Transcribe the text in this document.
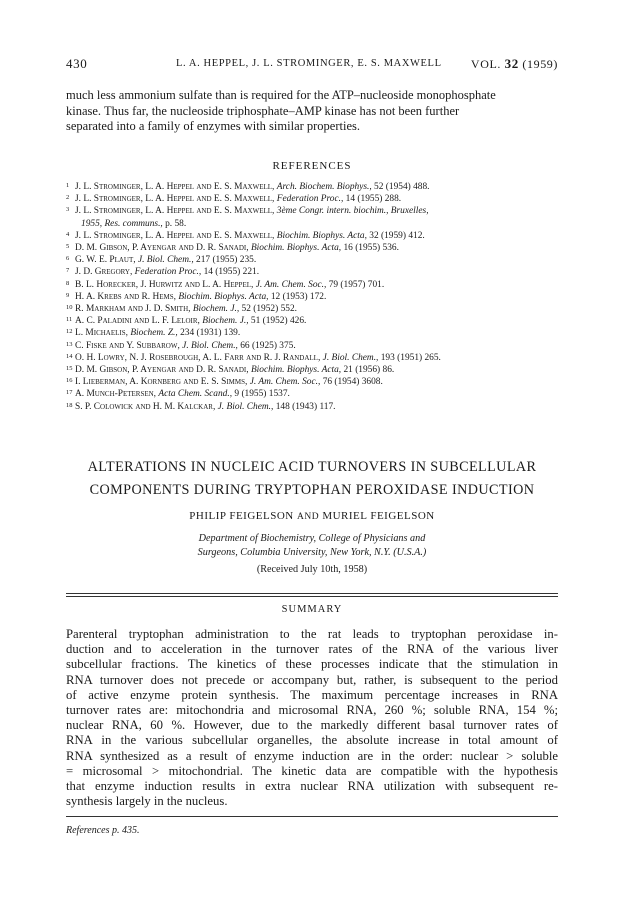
430	L. A. HEPPEL, J. L. STROMINGER, E. S. MAXWELL VOL. 32 (1959)

much less ammonium sulfate than is required for the ATP–nucleoside monophosphate
kinase. Thus far, the nucleoside triphosphate–AMP kinase has not been further
separated into a family of enzymes with similar properties.

REFERENCES
1 J. L. Strominger, L. A. Heppel and E. S. Maxwell, Arch. Biochem. Biophys., 52 (1954) 488.
2 J. L. Strominger, L. A. Heppel and E. S. Maxwell, Federation Proc., 14 (1955) 288.
3 J. L. Strominger, L. A. Heppel and E. S. Maxwell, 3ème Congr. intern. biochim., Bruxelles,
1955, Res. communs., p. 58.
4 J. L. Strominger, L. A. Heppel and E. S. Maxwell, Biochim. Biophys. Acta, 32 (1959) 412.
5 D. M. Gibson, P. Ayengar and D. R. Sanadi, Biochim. Biophys. Acta, 16 (1955) 536.
6 G. W. E. Plaut, J. Biol. Chem., 217 (1955) 235.
7 J. D. Gregory, Federation Proc., 14 (1955) 221.
8 B. L. Horecker, J. Hurwitz and L. A. Heppel, J. Am. Chem. Soc., 79 (1957) 701.
9 H. A. Krebs and R. Hems, Biochim. Biophys. Acta, 12 (1953) 172.
10 R. Markham and J. D. Smith, Biochem. J., 52 (1952) 552.
11 A. C. Paladini and L. F. Leloir, Biochem. J., 51 (1952) 426.
12 L. Michaelis, Biochem. Z., 234 (1931) 139.
13 C. Fiske and Y. Subbarow, J. Biol. Chem., 66 (1925) 375.
14 O. H. Lowry, N. J. Rosebrough, A. L. Farr and R. J. Randall, J. Biol. Chem., 193 (1951) 265.
15 D. M. Gibson, P. Ayengar and D. R. Sanadi, Biochim. Biophys. Acta, 21 (1956) 86.
16 I. Lieberman, A. Kornberg and E. S. Simms, J. Am. Chem. Soc., 76 (1954) 3608.
17 A. Munch-Petersen, Acta Chem. Scand., 9 (1955) 1537.
18 S. P. Colowick and H. M. Kalckar, J. Biol. Chem., 148 (1943) 117.
ALTERATIONS IN NUCLEIC ACID TURNOVERS IN SUBCELLULAR
COMPONENTS DURING TRYPTOPHAN PEROXIDASE INDUCTION
PHILIP FEIGELSON AND MURIEL FEIGELSON
Department of Biochemistry, College of Physicians and
Surgeons, Columbia University, New York, N.Y. (U.S.A.)
(Received July 10th, 1958)
SUMMARY

Parenteral tryptophan administration to the rat leads to tryptophan peroxidase in-
duction and to acceleration in the turnover rates of the RNA of the various liver
subcellular fractions. The kinetics of these processes indicate that the stimulation in
RNA turnover does not precede or accompany but, rather, is subsequent to the period
of active enzyme protein synthesis. The maximum percentage increases in RNA
turnover rates are: mitochondria and microsomal RNA, 260 %; soluble RNA, 154 %;
nuclear RNA, 60 %. However, due to the markedly different basal turnover rates of
RNA in the various subcellular organelles, the absolute increase in total amount of
RNA synthesized as a result of enzyme induction are in the order: nuclear > soluble
= microsomal > mitochondrial. The kinetic data are compatible with the hypothesis
that enzyme induction results in extra nuclear RNA utilization with subsequent re-
synthesis largely in the nucleus.

References p. 435.
